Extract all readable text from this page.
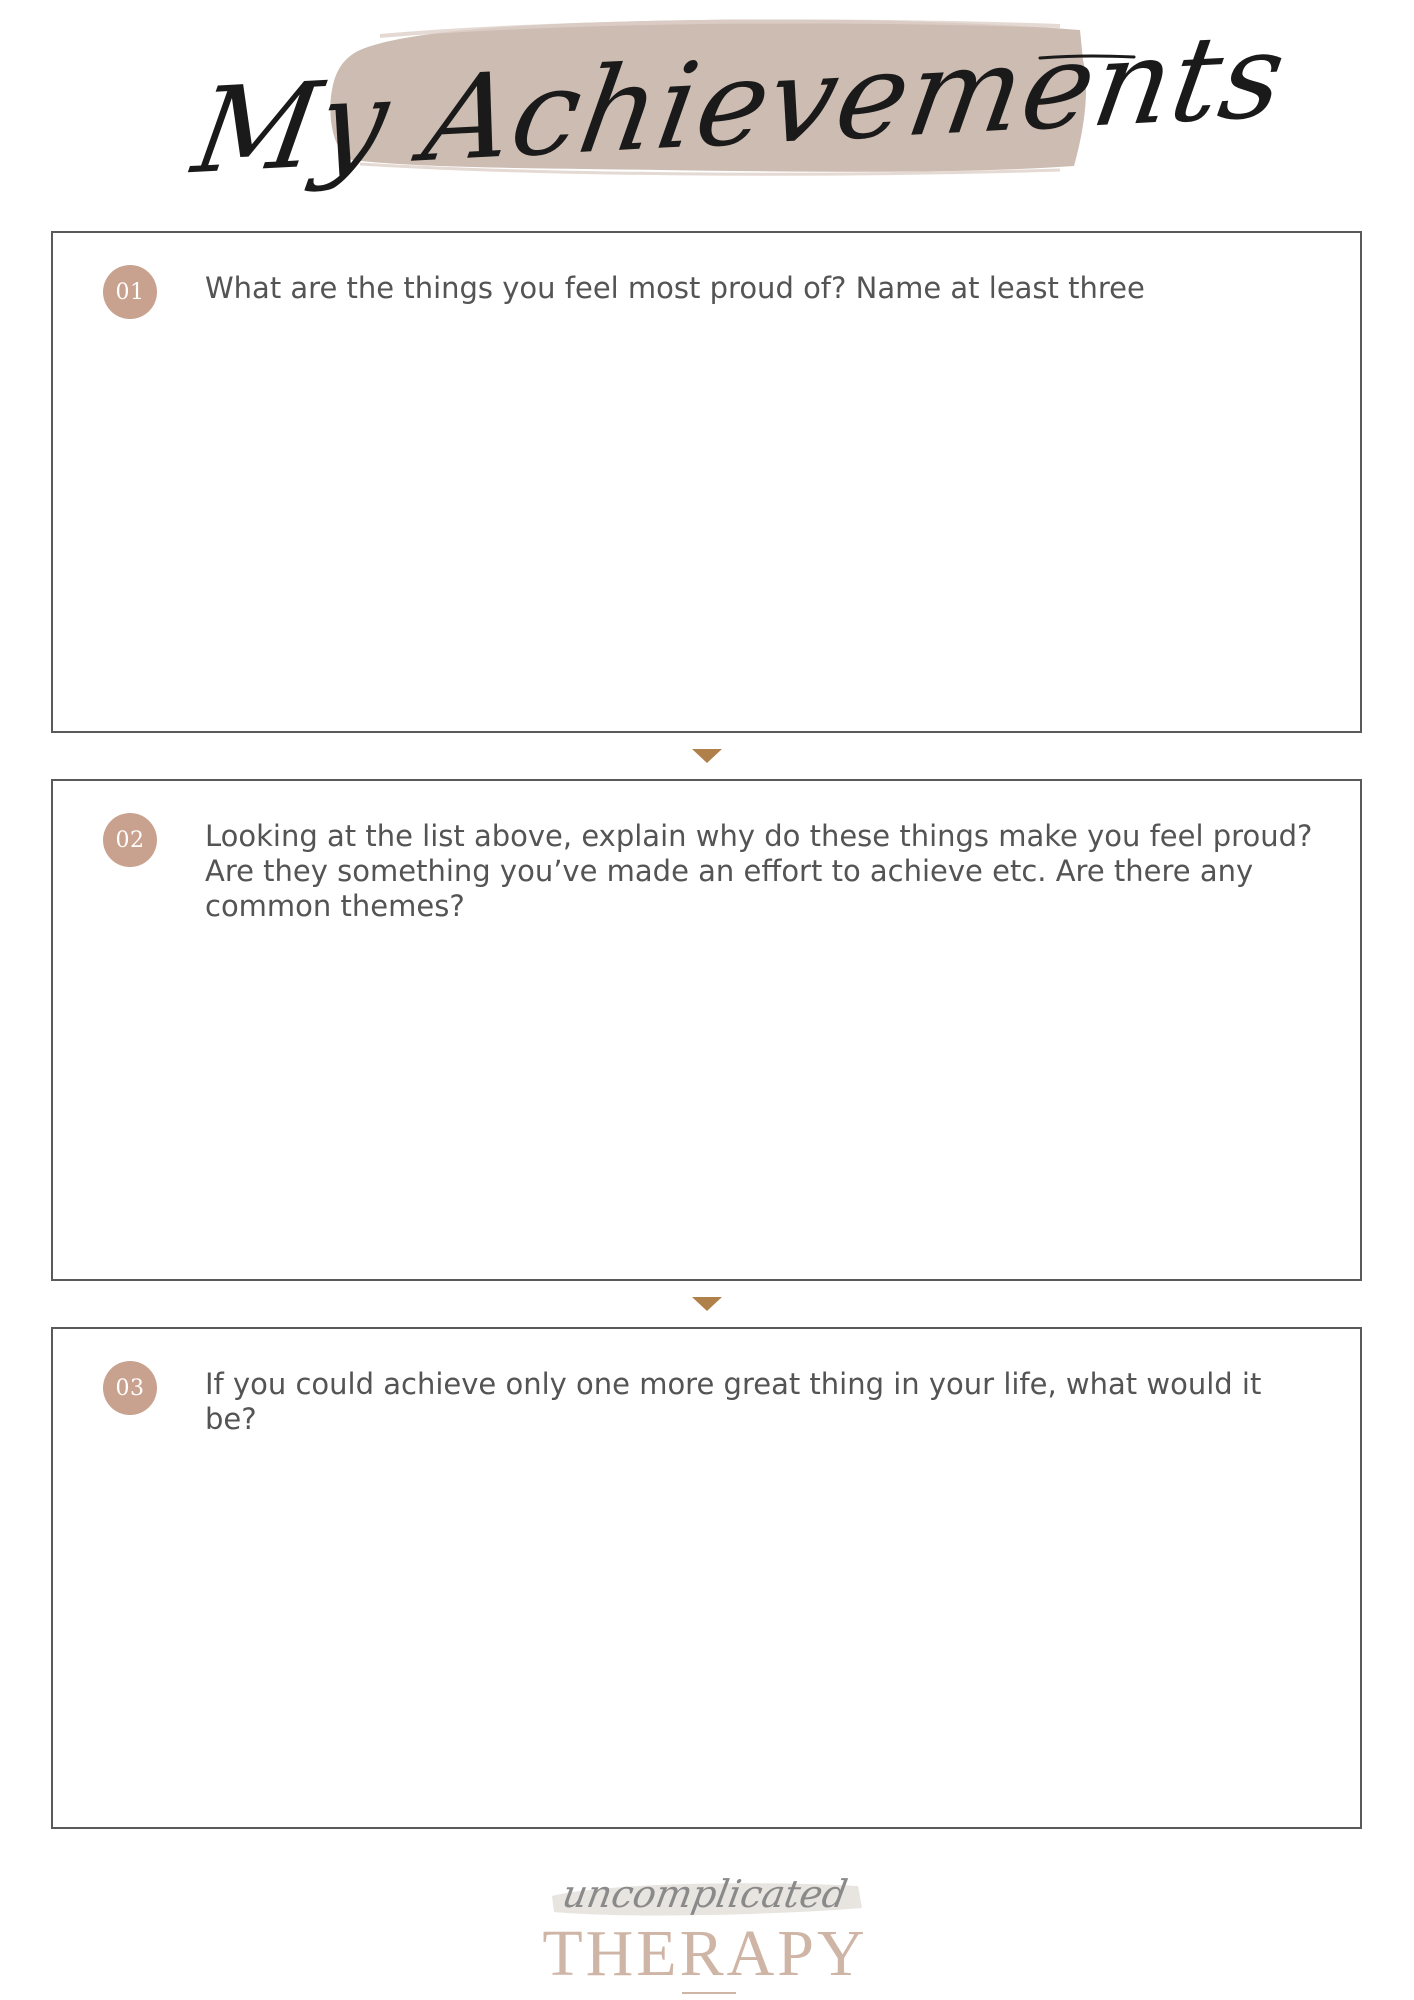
My Achievements
01	What are the things you feel most proud of? Name at least three
02	Looking at the list above, explain why do these things make you feel proud? Are they something you’ve made an effort to achieve etc. Are there any common themes?
03	If you could achieve only one more great thing in your life, what would it be?
uncomplicated
THERAPY
